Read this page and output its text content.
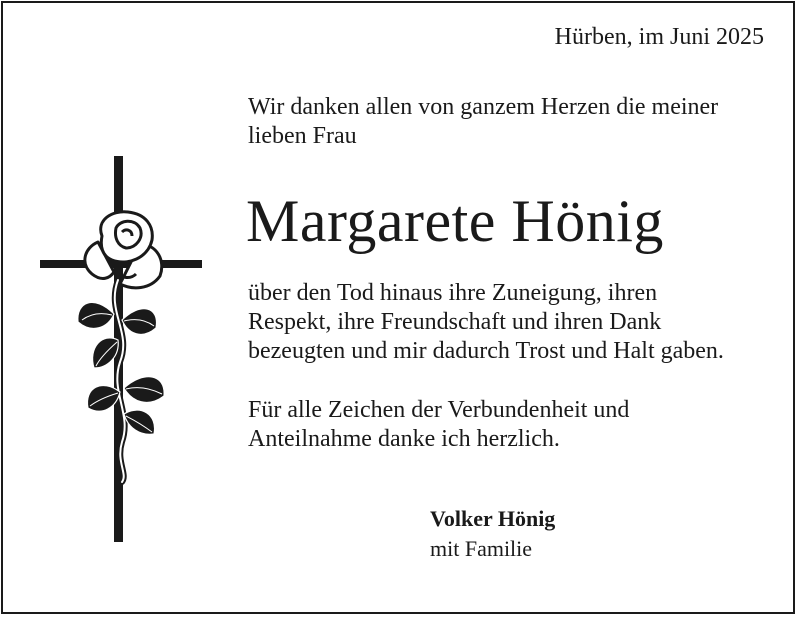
Hürben, im Juni 2025
Wir danken allen von ganzem Herzen die meiner
lieben Frau
Margarete Hönig
über den Tod hinaus ihre Zuneigung, ihren
Respekt, ihre Freundschaft und ihren Dank
bezeugten und mir dadurch Trost und Halt gaben.
Für alle Zeichen der Verbundenheit und
Anteilnahme danke ich herzlich.
Volker Hönig
mit Familie
